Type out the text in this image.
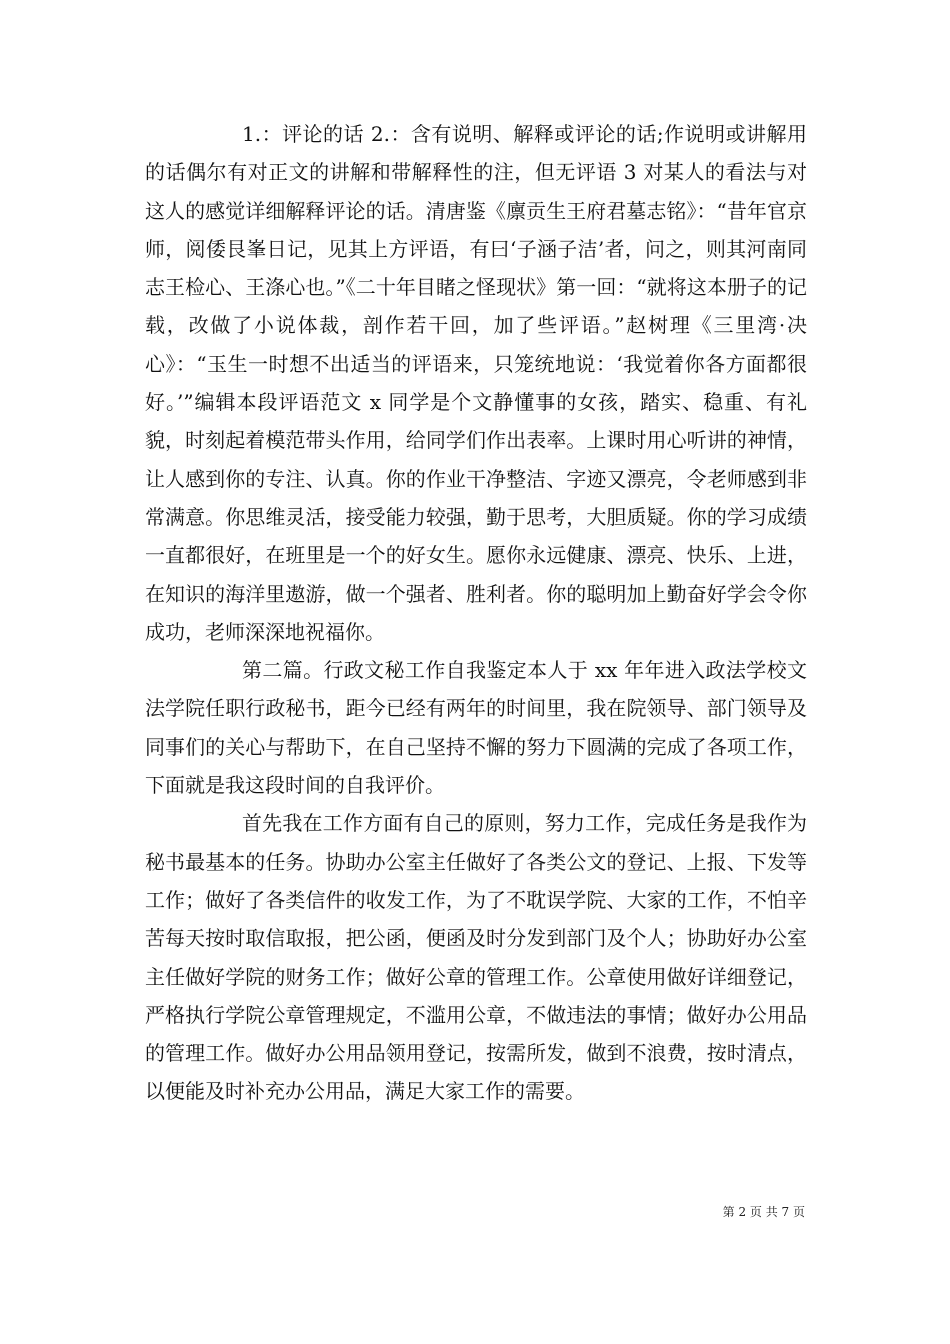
1.：评论的话 2.：含有说明、解释或评论的话;作说明或讲解用的话偶尔有对正文的讲解和带解释性的注，但无评语 3 对某人的看法与对这人的感觉详细解释评论的话。清唐鉴《廪贡生王府君墓志铭》：“昔年官京师，阅倭艮峯日记，见其上方评语，有曰‘子涵子洁’者，问之，则其河南同志王检心、王涤心也。”《二十年目睹之怪现状》第一回：“就将这本册子的记载，改做了小说体裁，剖作若干回，加了些评语。”赵树理《三里湾·决心》：“玉生一时想不出适当的评语来，只笼统地说：‘我觉着你各方面都很好。’”编辑本段评语范文 x 同学是个文静懂事的女孩，踏实、稳重、有礼貌，时刻起着模范带头作用，给同学们作出表率。上课时用心听讲的神情，让人感到你的专注、认真。你的作业干净整洁、字迹又漂亮，令老师感到非常满意。你思维灵活，接受能力较强，勤于思考，大胆质疑。你的学习成绩一直都很好，在班里是一个的好女生。愿你永远健康、漂亮、快乐、上进，在知识的海洋里遨游，做一个强者、胜利者。你的聪明加上勤奋好学会令你成功，老师深深地祝福你。

第二篇。行政文秘工作自我鉴定本人于 xx 年年进入政法学校文法学院任职行政秘书，距今已经有两年的时间里，我在院领导、部门领导及同事们的关心与帮助下，在自己坚持不懈的努力下圆满的完成了各项工作，下面就是我这段时间的自我评价。

首先我在工作方面有自己的原则，努力工作，完成任务是我作为秘书最基本的任务。协助办公室主任做好了各类公文的登记、上报、下发等工作；做好了各类信件的收发工作，为了不耽误学院、大家的工作，不怕辛苦每天按时取信取报，把公函，便函及时分发到部门及个人；协助好办公室主任做好学院的财务工作；做好公章的管理工作。公章使用做好详细登记，严格执行学院公章管理规定，不滥用公章，不做违法的事情；做好办公用品的管理工作。做好办公用品领用登记，按需所发，做到不浪费，按时清点，以便能及时补充办公用品，满足大家工作的需要。

第 2 页 共 7 页
